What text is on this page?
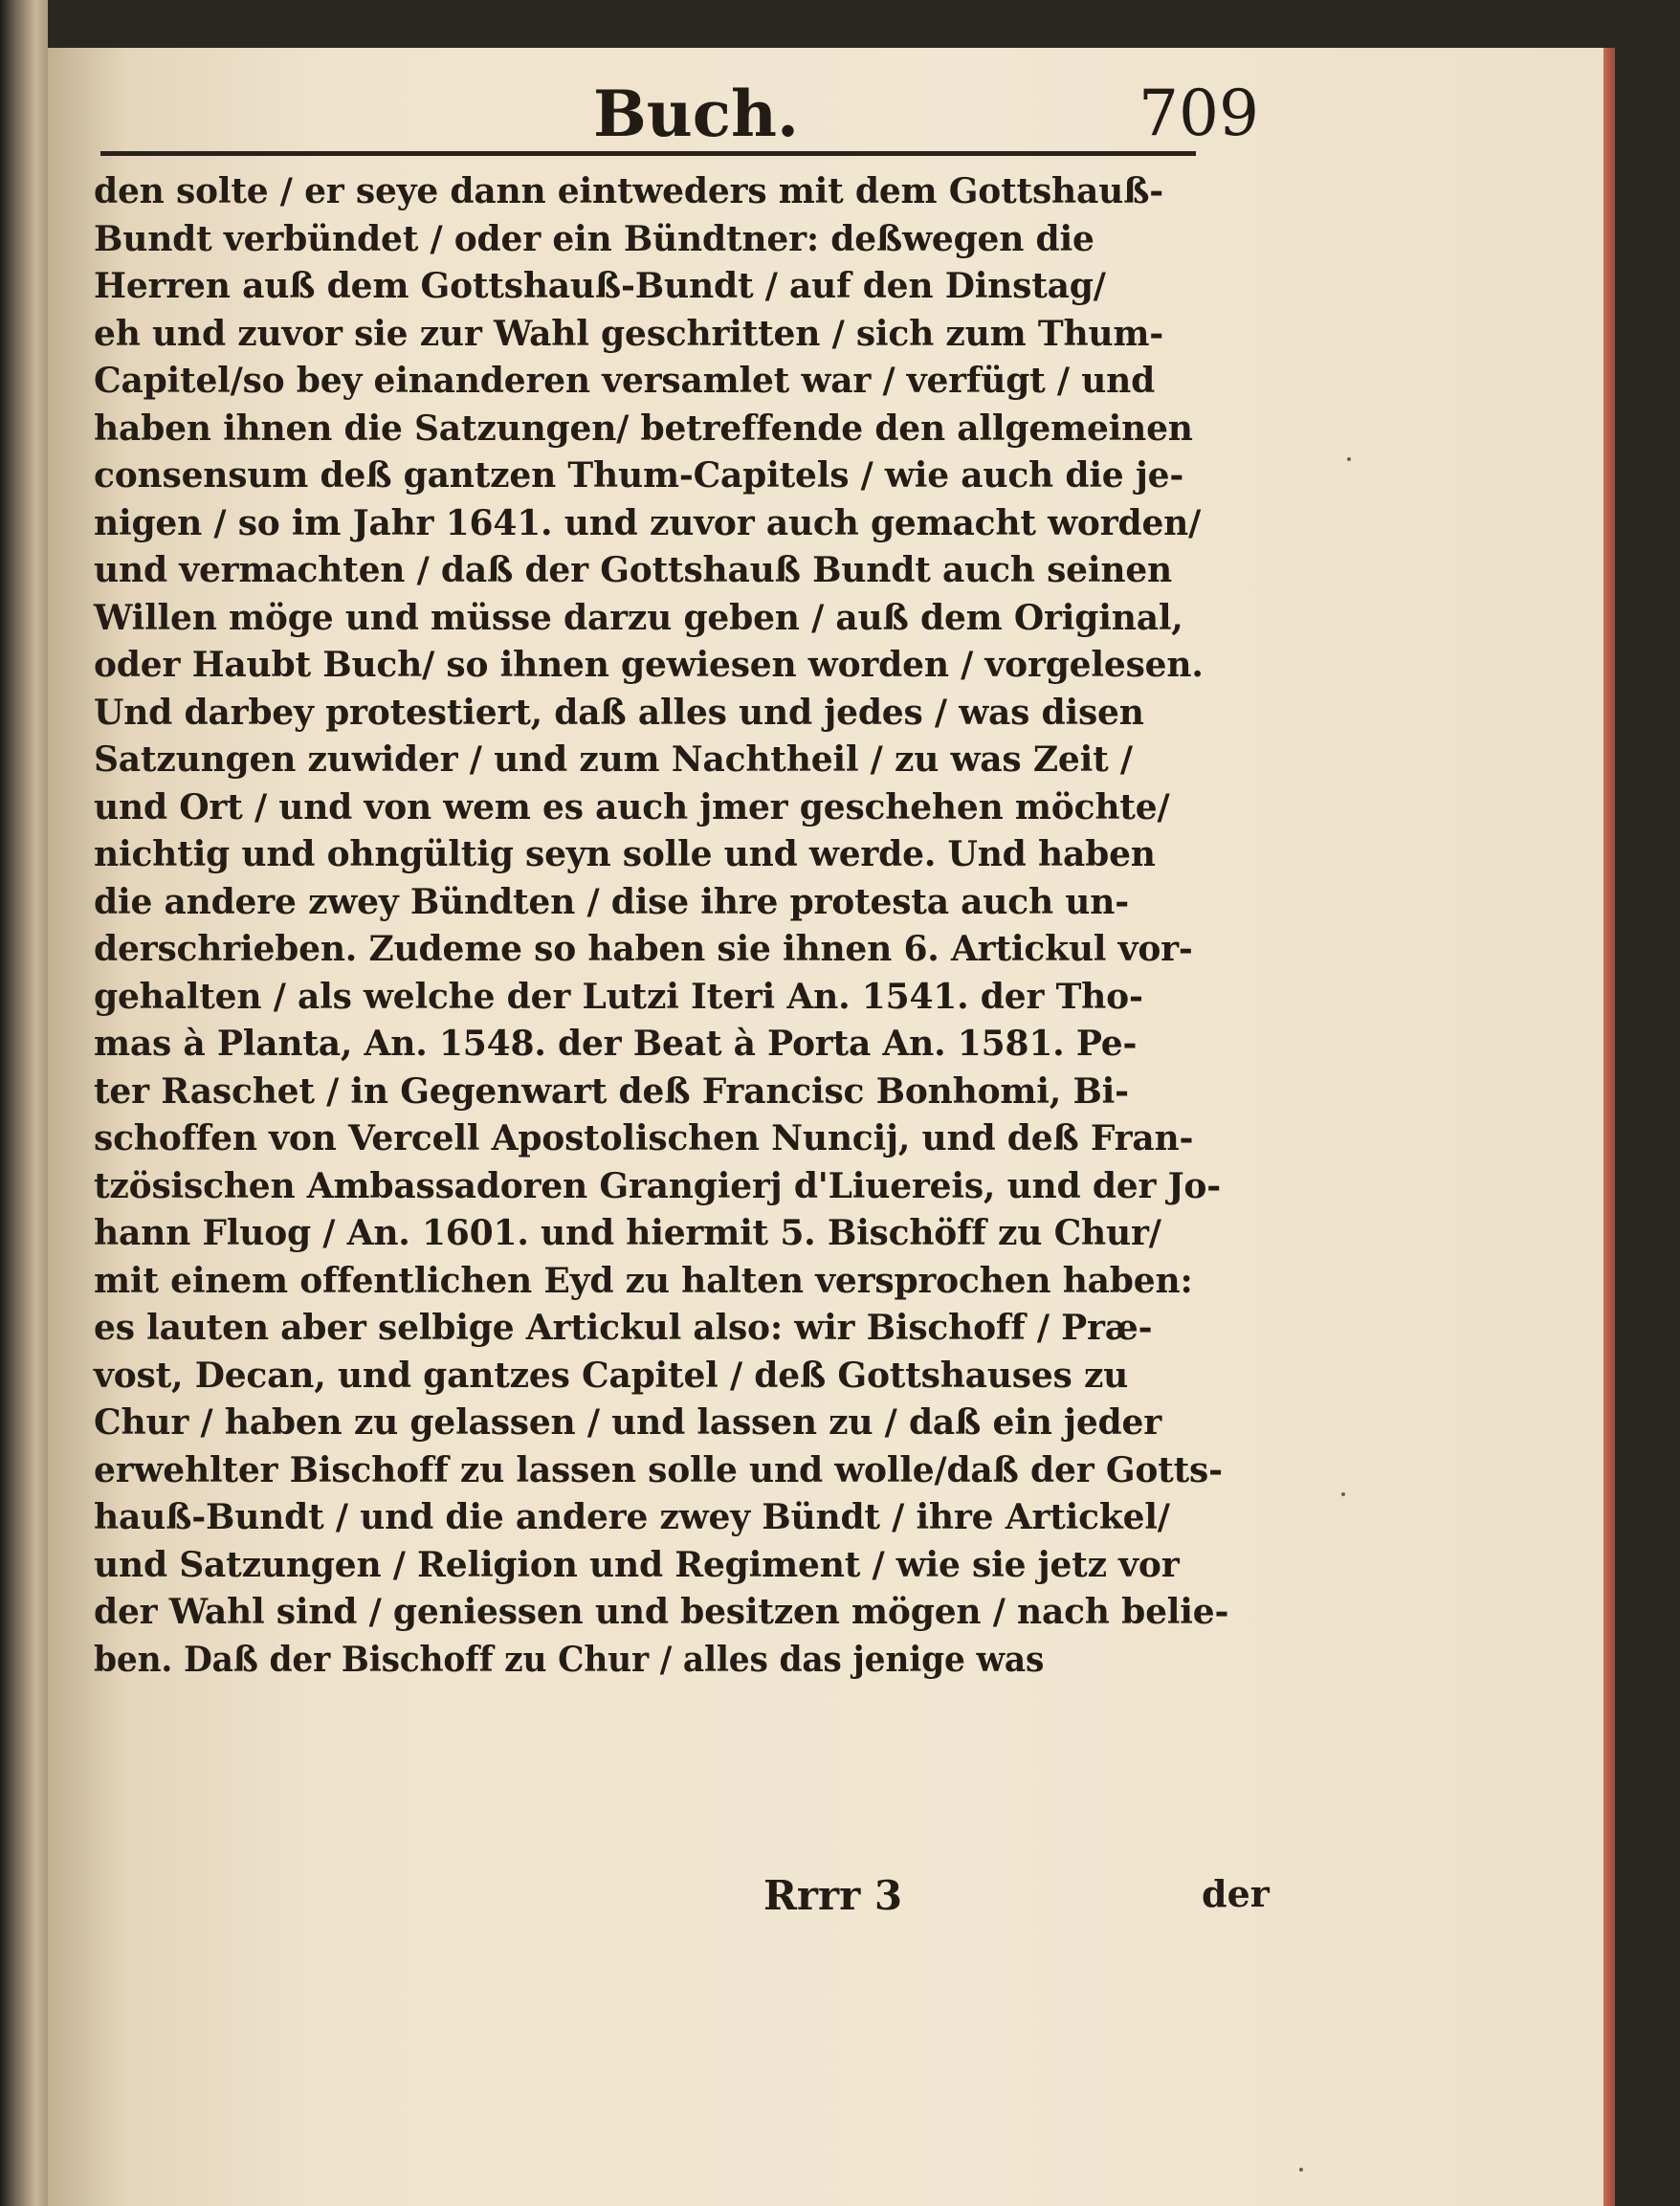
Buch.	709
den solte / er seye dann eintweders mit dem Gottshauß-
Bundt verbündet / oder ein Bündtner: deßwegen die
Herren auß dem Gottshauß-Bundt / auf den Dinstag/
eh und zuvor sie zur Wahl geschritten / sich zum Thum-
Capitel/so bey einanderen versamlet war / verfügt / und
haben ihnen die Satzungen/ betreffende den allgemeinen
consensum deß gantzen Thum-Capitels / wie auch die je-
nigen / so im Jahr 1641. und zuvor auch gemacht worden/
und vermachten / daß der Gottshauß Bundt auch seinen
Willen möge und müsse darzu geben / auß dem Original,
oder Haubt Buch/ so ihnen gewiesen worden / vorgelesen.
Und darbey protestiert, daß alles und jedes / was disen
Satzungen zuwider / und zum Nachtheil / zu was Zeit /
und Ort / und von wem es auch jmer geschehen möchte/
nichtig und ohngültig seyn solle und werde. Und haben
die andere zwey Bündten / dise ihre protesta auch un-
derschrieben. Zudeme so haben sie ihnen 6. Artickul vor-
gehalten / als welche der Lutzi Iteri An. 1541. der Tho-
mas à Planta, An. 1548. der Beat à Porta An. 1581. Pe-
ter Raschet / in Gegenwart deß Francisc Bonhomi, Bi-
schoffen von Vercell Apostolischen Nuncij, und deß Fran-
tzösischen Ambassadoren Grangierj d'Liuereis, und der Jo-
hann Fluog / An. 1601. und hiermit 5. Bischöff zu Chur/
mit einem offentlichen Eyd zu halten versprochen haben:
es lauten aber selbige Artickul also: wir Bischoff / Præ-
vost, Decan, und gantzes Capitel / deß Gottshauses zu
Chur / haben zu gelassen / und lassen zu / daß ein jeder
erwehlter Bischoff zu lassen solle und wolle/daß der Gotts-
hauß-Bundt / und die andere zwey Bündt / ihre Artickel/
und Satzungen / Religion und Regiment / wie sie jetz vor
der Wahl sind / geniessen und besitzen mögen / nach belie-
ben. Daß der Bischoff zu Chur / alles das jenige was
Rrrr 3	der
